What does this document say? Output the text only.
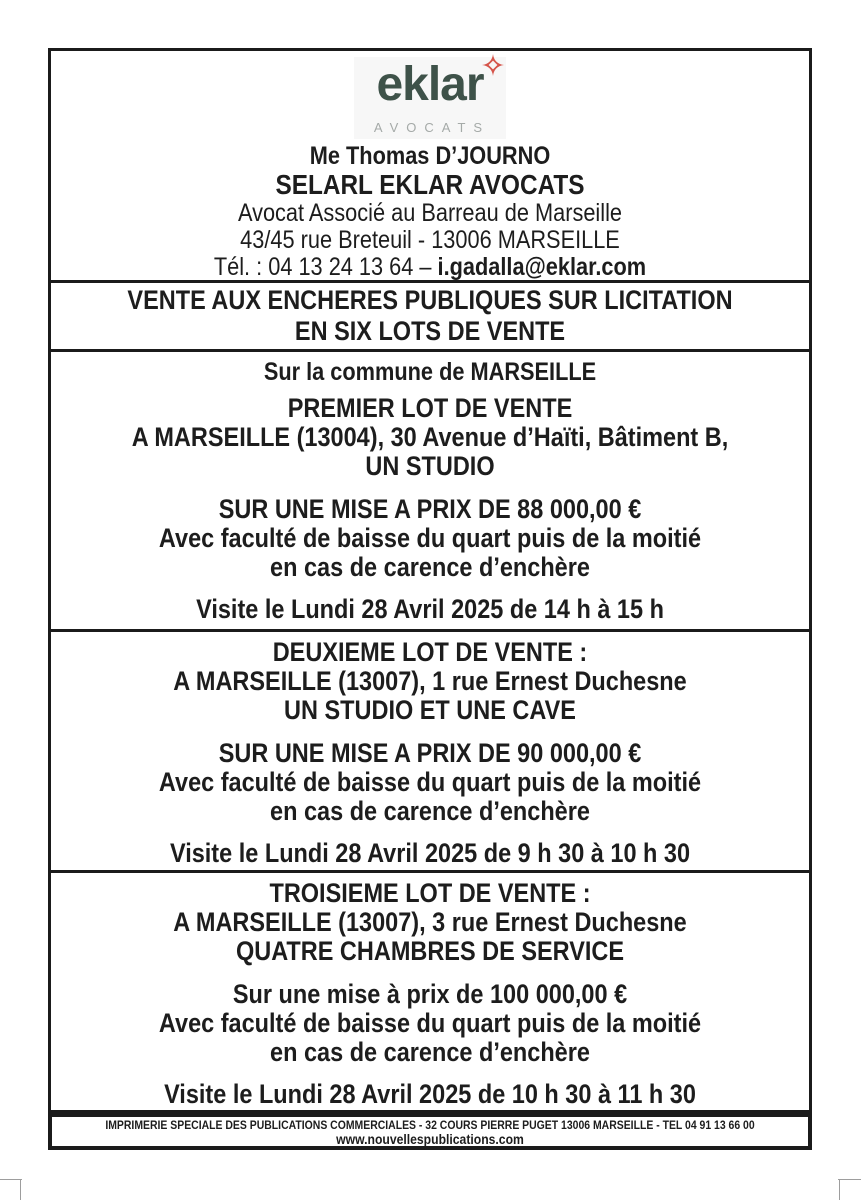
eklar
AVOCATS

Me Thomas D’JOURNO

SELARL EKLAR AVOCATS

Avocat Associé au Barreau de Marseille

43/45 rue Breteuil - 13006 MARSEILLE

Tél. : 04 13 24 13 64 – i.gadalla@eklar.com

VENTE AUX ENCHERES PUBLIQUES SUR LICITATION

EN SIX LOTS DE VENTE

Sur la commune de MARSEILLE

PREMIER LOT DE VENTE

A MARSEILLE (13004), 30 Avenue d’Haïti, Bâtiment B,

UN STUDIO

SUR UNE MISE A PRIX DE 88 000,00 €

Avec faculté de baisse du quart puis de la moitié

en cas de carence d’enchère

Visite le Lundi 28 Avril 2025 de 14 h à 15 h

DEUXIEME LOT DE VENTE :

A MARSEILLE (13007), 1 rue Ernest Duchesne

UN STUDIO ET UNE CAVE

SUR UNE MISE A PRIX DE 90 000,00 €

Avec faculté de baisse du quart puis de la moitié

en cas de carence d’enchère

Visite le Lundi 28 Avril 2025 de 9 h 30 à 10 h 30

TROISIEME LOT DE VENTE :

A MARSEILLE (13007), 3 rue Ernest Duchesne

QUATRE CHAMBRES DE SERVICE

Sur une mise à prix de 100 000,00 €

Avec faculté de baisse du quart puis de la moitié

en cas de carence d’enchère

Visite le Lundi 28 Avril 2025 de 10 h 30 à 11 h 30

IMPRIMERIE SPECIALE DES PUBLICATIONS COMMERCIALES - 32 COURS PIERRE PUGET 13006 MARSEILLE - TEL 04 91 13 66 00

www.nouvellespublications.com
